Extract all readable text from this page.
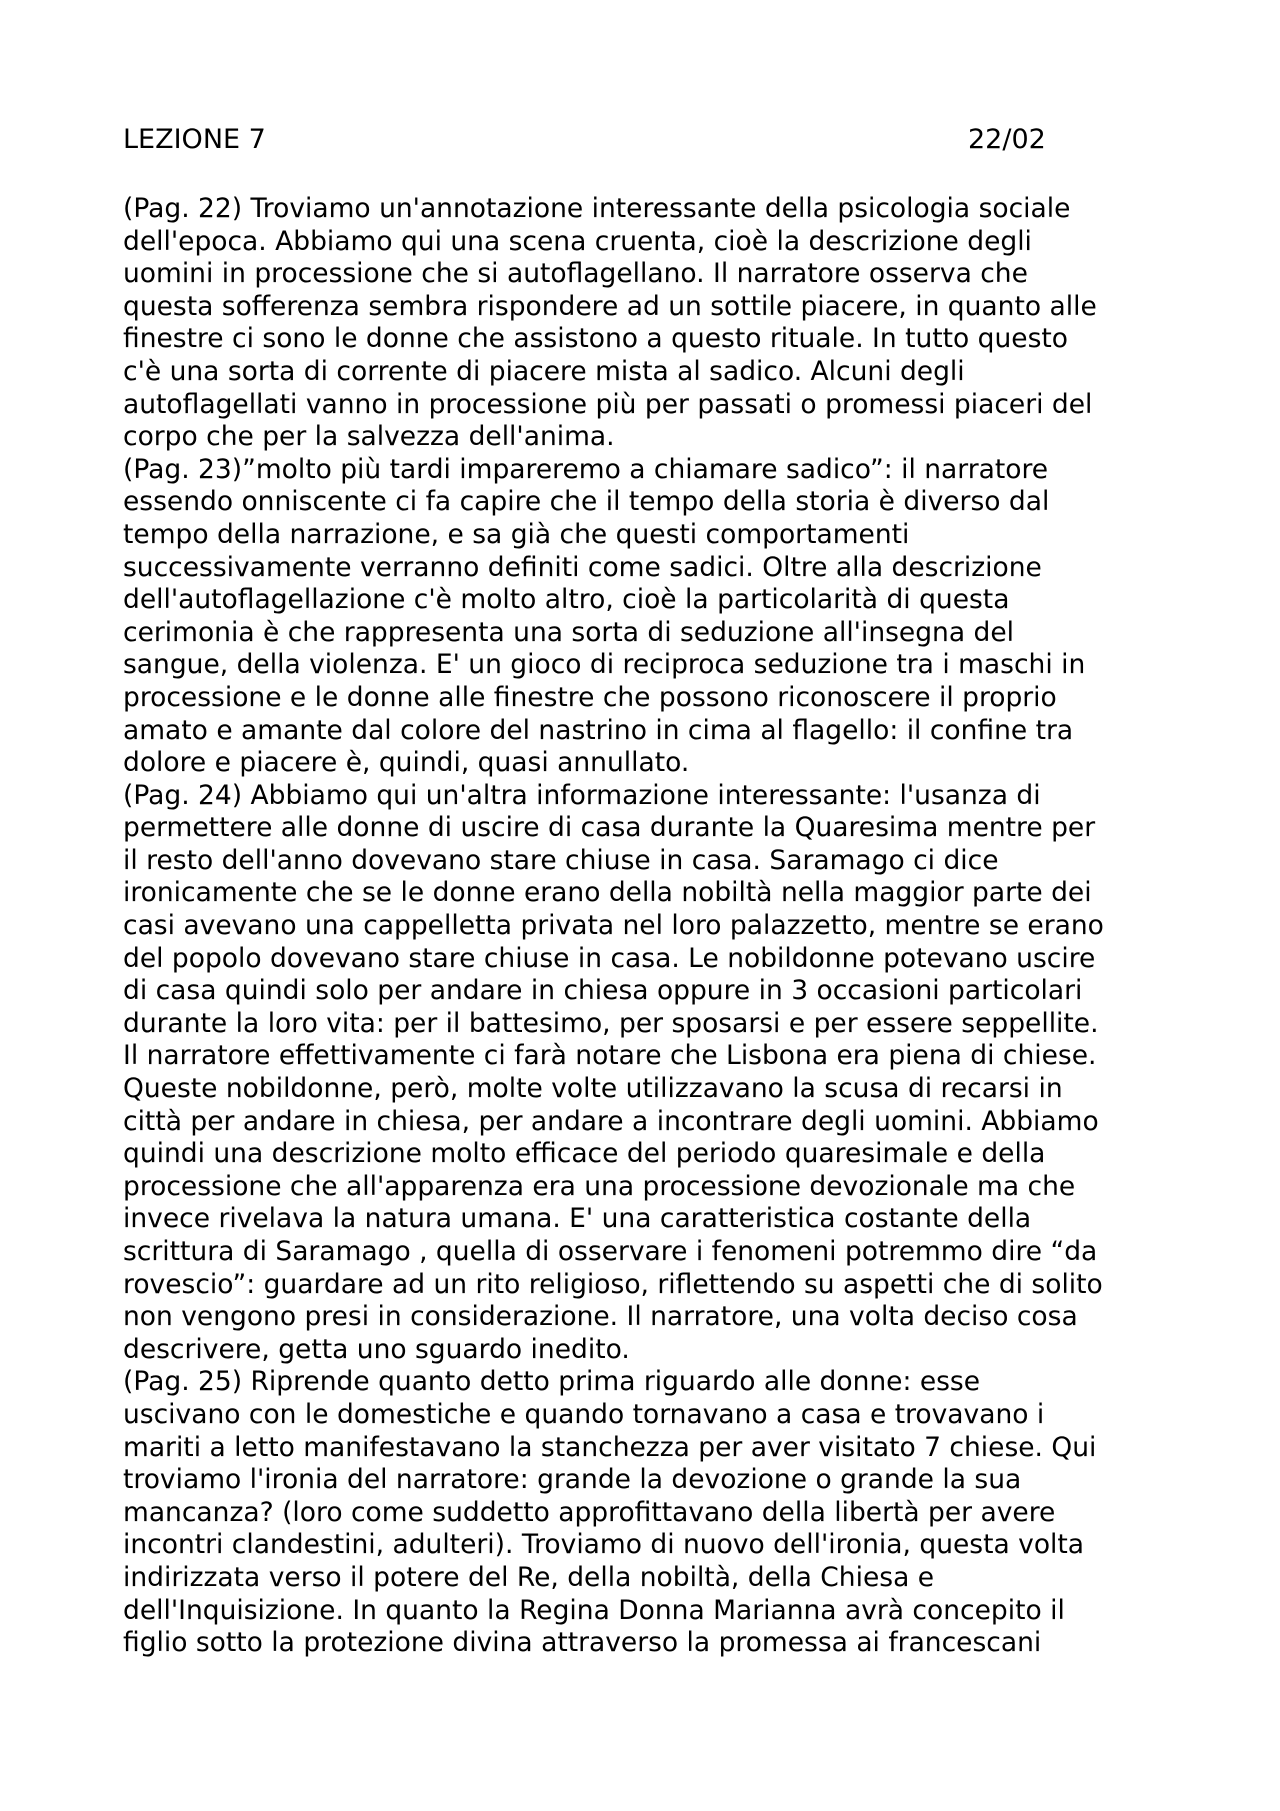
LEZIONE 7	22/02
(Pag. 22) Troviamo un'annotazione interessante della psicologia sociale
dell'epoca. Abbiamo qui una scena cruenta, cioè la descrizione degli
uomini in processione che si autoflagellano. Il narratore osserva che
questa sofferenza sembra rispondere ad un sottile piacere, in quanto alle
finestre ci sono le donne che assistono a questo rituale. In tutto questo
c'è una sorta di corrente di piacere mista al sadico. Alcuni degli
autoflagellati vanno in processione più per passati o promessi piaceri del
corpo che per la salvezza dell'anima.
(Pag. 23)”molto più tardi impareremo a chiamare sadico”: il narratore
essendo onniscente ci fa capire che il tempo della storia è diverso dal
tempo della narrazione, e sa già che questi comportamenti
successivamente verranno definiti come sadici. Oltre alla descrizione
dell'autoflagellazione c'è molto altro, cioè la particolarità di questa
cerimonia è che rappresenta una sorta di seduzione all'insegna del
sangue, della violenza. E' un gioco di reciproca seduzione tra i maschi in
processione e le donne alle finestre che possono riconoscere il proprio
amato e amante dal colore del nastrino in cima al flagello: il confine tra
dolore e piacere è, quindi, quasi annullato.
(Pag. 24) Abbiamo qui un'altra informazione interessante: l'usanza di
permettere alle donne di uscire di casa durante la Quaresima mentre per
il resto dell'anno dovevano stare chiuse in casa. Saramago ci dice
ironicamente che se le donne erano della nobiltà nella maggior parte dei
casi avevano una cappelletta privata nel loro palazzetto, mentre se erano
del popolo dovevano stare chiuse in casa. Le nobildonne potevano uscire
di casa quindi solo per andare in chiesa oppure in 3 occasioni particolari
durante la loro vita: per il battesimo, per sposarsi e per essere seppellite.
Il narratore effettivamente ci farà notare che Lisbona era piena di chiese.
Queste nobildonne, però, molte volte utilizzavano la scusa di recarsi in
città per andare in chiesa, per andare a incontrare degli uomini. Abbiamo
quindi una descrizione molto efficace del periodo quaresimale e della
processione che all'apparenza era una processione devozionale ma che
invece rivelava la natura umana. E' una caratteristica costante della
scrittura di Saramago , quella di osservare i fenomeni potremmo dire “da
rovescio”: guardare ad un rito religioso, riflettendo su aspetti che di solito
non vengono presi in considerazione. Il narratore, una volta deciso cosa
descrivere, getta uno sguardo inedito.
(Pag. 25) Riprende quanto detto prima riguardo alle donne: esse
uscivano con le domestiche e quando tornavano a casa e trovavano i
mariti a letto manifestavano la stanchezza per aver visitato 7 chiese. Qui
troviamo l'ironia del narratore: grande la devozione o grande la sua
mancanza? (loro come suddetto approfittavano della libertà per avere
incontri clandestini, adulteri). Troviamo di nuovo dell'ironia, questa volta
indirizzata verso il potere del Re, della nobiltà, della Chiesa e
dell'Inquisizione. In quanto la Regina Donna Marianna avrà concepito il
figlio sotto la protezione divina attraverso la promessa ai francescani
